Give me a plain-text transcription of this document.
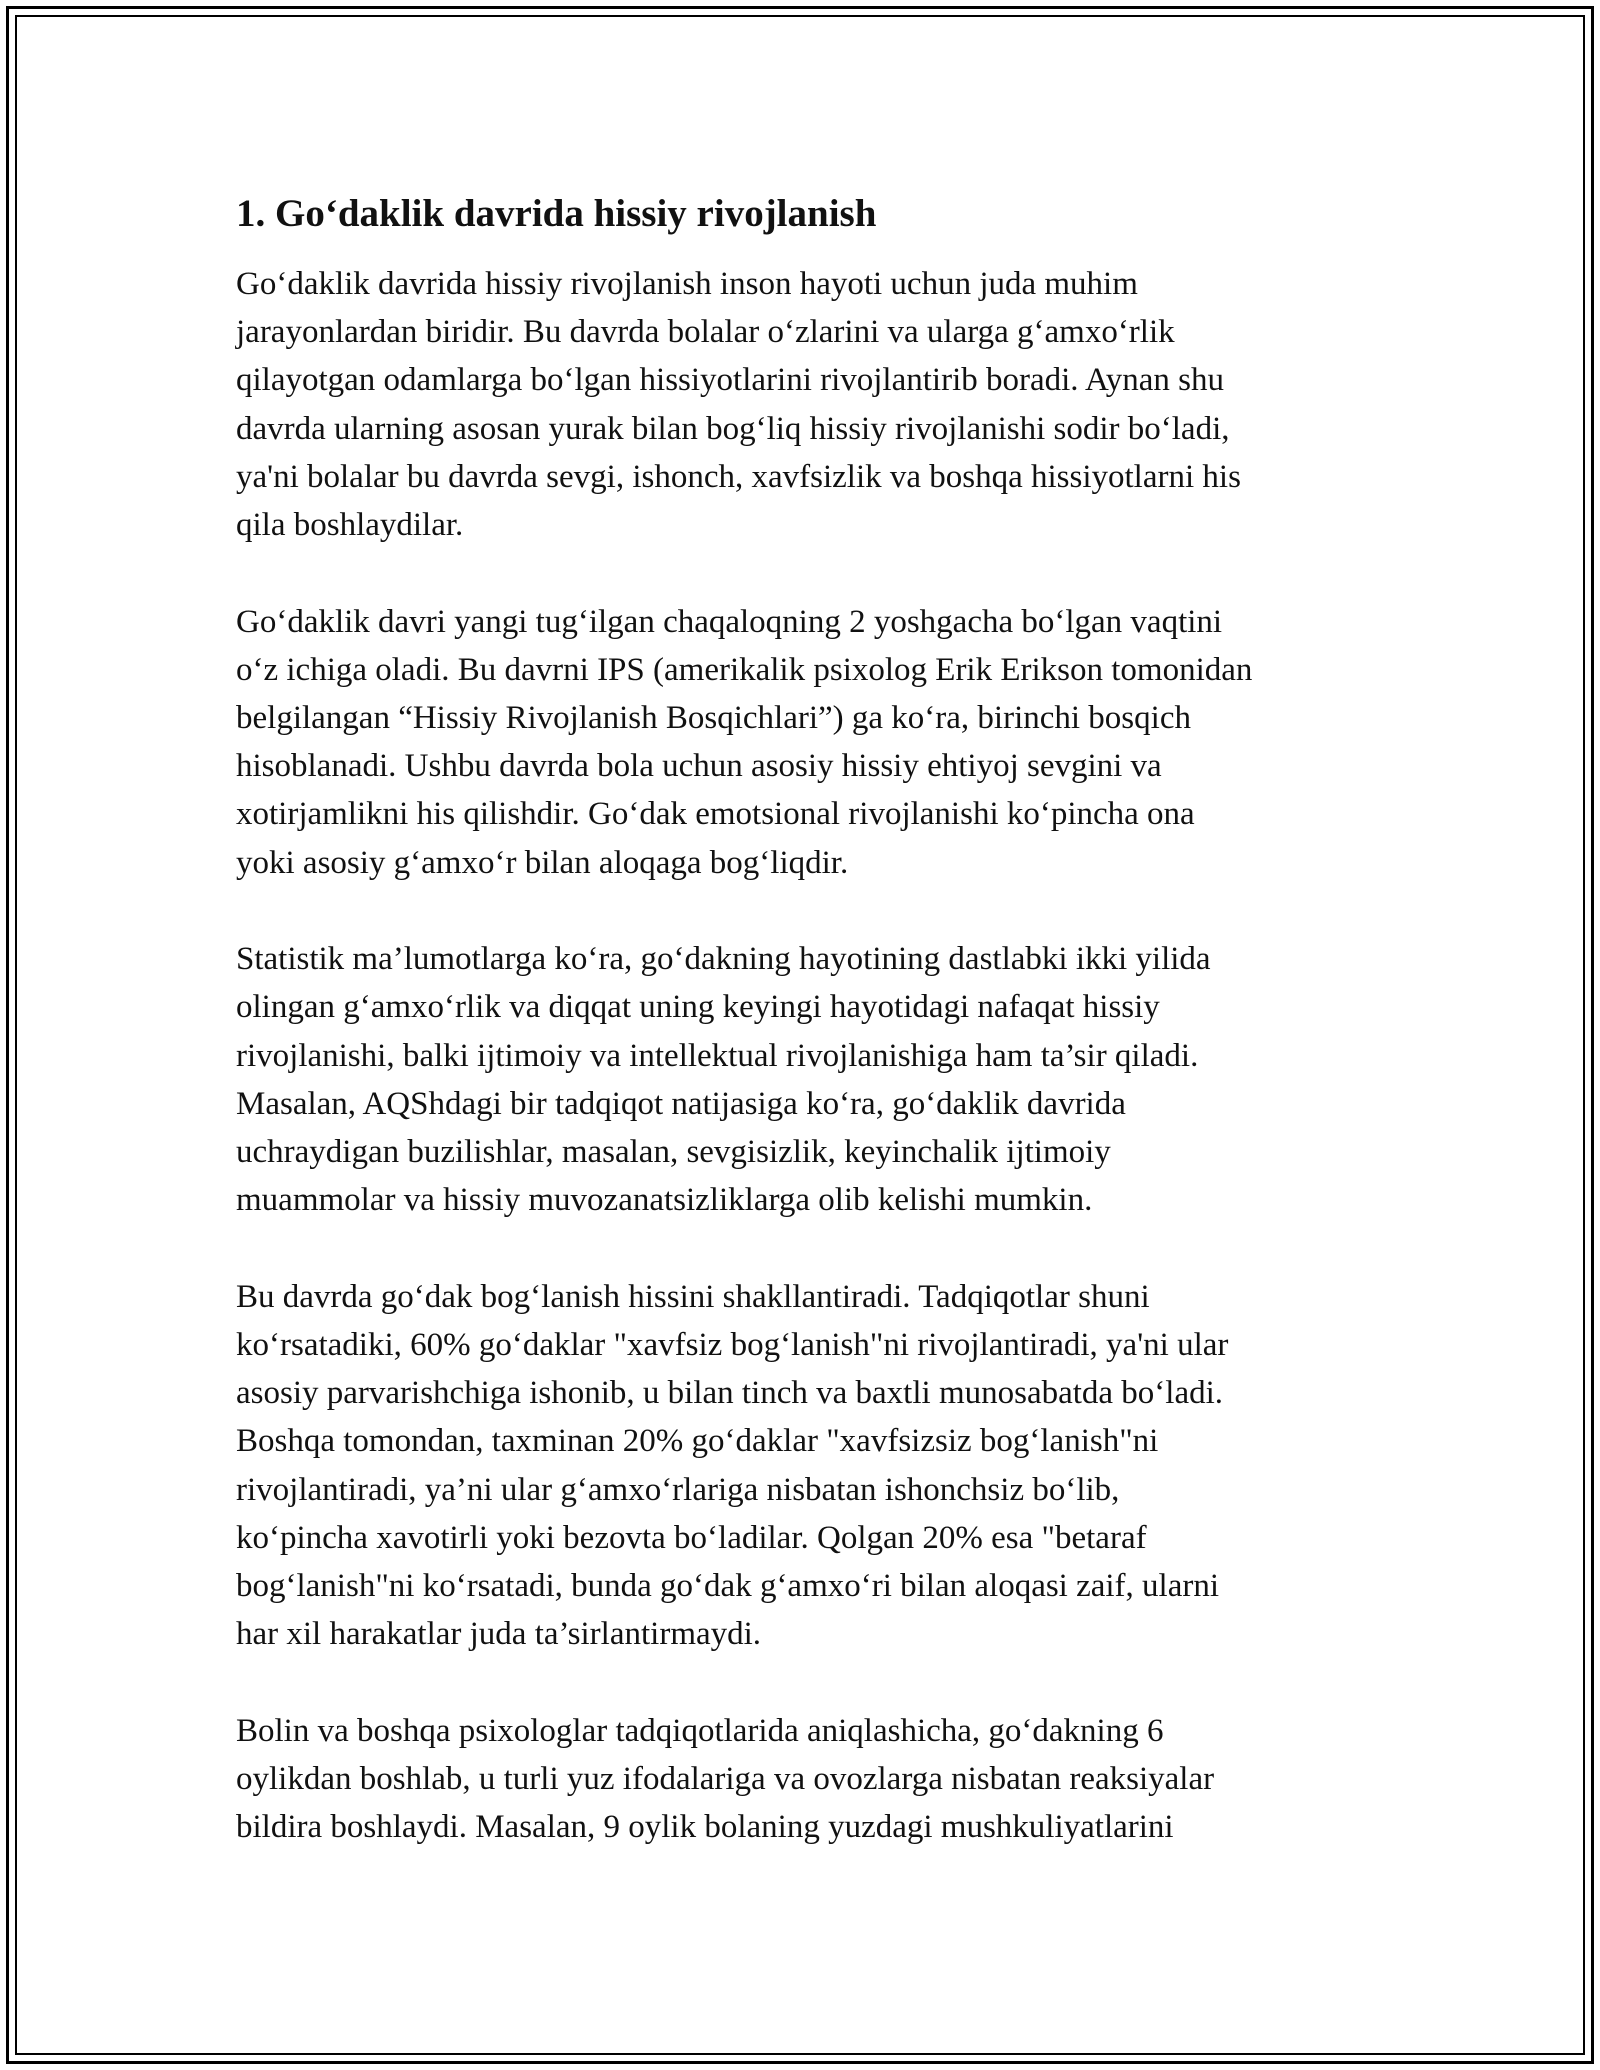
1. Go‘daklik davrida hissiy rivojlanish

Go‘daklik davrida hissiy rivojlanish inson hayoti uchun juda muhim
jarayonlardan biridir. Bu davrda bolalar o‘zlarini va ularga g‘amxo‘rlik
qilayotgan odamlarga bo‘lgan hissiyotlarini rivojlantirib boradi. Aynan shu
davrda ularning asosan yurak bilan bog‘liq hissiy rivojlanishi sodir bo‘ladi,
ya'ni bolalar bu davrda sevgi, ishonch, xavfsizlik va boshqa hissiyotlarni his
qila boshlaydilar.

Go‘daklik davri yangi tug‘ilgan chaqaloqning 2 yoshgacha bo‘lgan vaqtini
o‘z ichiga oladi. Bu davrni IPS (amerikalik psixolog Erik Erikson tomonidan
belgilangan “Hissiy Rivojlanish Bosqichlari”) ga ko‘ra, birinchi bosqich
hisoblanadi. Ushbu davrda bola uchun asosiy hissiy ehtiyoj sevgini va
xotirjamlikni his qilishdir. Go‘dak emotsional rivojlanishi ko‘pincha ona
yoki asosiy g‘amxo‘r bilan aloqaga bog‘liqdir.

Statistik ma’lumotlarga ko‘ra, go‘dakning hayotining dastlabki ikki yilida
olingan g‘amxo‘rlik va diqqat uning keyingi hayotidagi nafaqat hissiy
rivojlanishi, balki ijtimoiy va intellektual rivojlanishiga ham ta’sir qiladi.
Masalan, AQShdagi bir tadqiqot natijasiga ko‘ra, go‘daklik davrida
uchraydigan buzilishlar, masalan, sevgisizlik, keyinchalik ijtimoiy
muammolar va hissiy muvozanatsizliklarga olib kelishi mumkin.

Bu davrda go‘dak bog‘lanish hissini shakllantiradi. Tadqiqotlar shuni
ko‘rsatadiki, 60% go‘daklar "xavfsiz bog‘lanish"ni rivojlantiradi, ya'ni ular
asosiy parvarishchiga ishonib, u bilan tinch va baxtli munosabatda bo‘ladi.
Boshqa tomondan, taxminan 20% go‘daklar "xavfsizsiz bog‘lanish"ni
rivojlantiradi, ya’ni ular g‘amxo‘rlariga nisbatan ishonchsiz bo‘lib,
ko‘pincha xavotirli yoki bezovta bo‘ladilar. Qolgan 20% esa "betaraf
bog‘lanish"ni ko‘rsatadi, bunda go‘dak g‘amxo‘ri bilan aloqasi zaif, ularni
har xil harakatlar juda ta’sirlantirmaydi.

Bolin va boshqa psixologlar tadqiqotlarida aniqlashicha, go‘dakning 6
oylikdan boshlab, u turli yuz ifodalariga va ovozlarga nisbatan reaksiyalar
bildira boshlaydi. Masalan, 9 oylik bolaning yuzdagi mushkuliyatlarini
